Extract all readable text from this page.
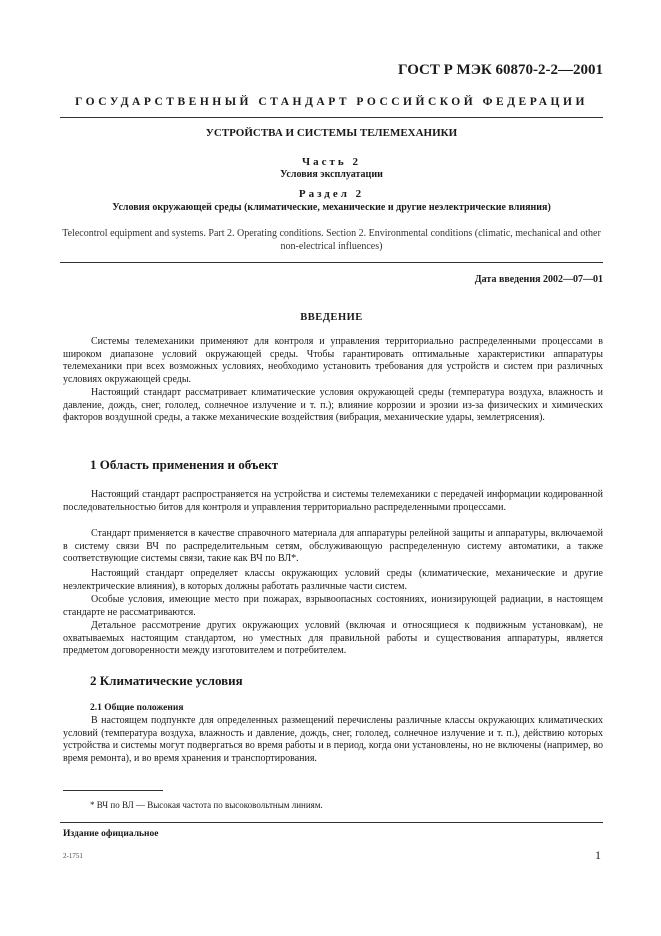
ГОСТ Р МЭК 60870-2-2—2001
ГОСУДАРСТВЕННЫЙ СТАНДАРТ РОССИЙСКОЙ ФЕДЕРАЦИИ
УСТРОЙСТВА И СИСТЕМЫ ТЕЛЕМЕХАНИКИ
Часть 2
Условия эксплуатации
Раздел 2
Условия окружающей среды (климатические, механические и другие неэлектрические влияния)
Telecontrol equipment and systems. Part 2. Operating conditions. Section 2. Environmental conditions (climatic, mechanical and other non-electrical influences)
Дата введения 2002—07—01
ВВЕДЕНИЕ

Системы телемеханики применяют для контроля и управления территориально распределенными процессами в широком диапазоне условий окружающей среды. Чтобы гарантировать оптимальные характеристики аппаратуры телемеханики при всех возможных условиях, необходимо установить требования для устройств и систем при различных условиях окружающей среды.

Настоящий стандарт рассматривает климатические условия окружающей среды (температура воздуха, влажность и давление, дождь, снег, гололед, солнечное излучение и т. п.); влияние коррозии и эрозии из-за физических и химических факторов воздушной среды, а также механические воздействия (вибрация, механические удары, землетрясения).

1 Область применения и объект

Настоящий стандарт распространяется на устройства и системы телемеханики с передачей информации кодированной последовательностью битов для контроля и управления территориально распределенными процессами.

Стандарт применяется в качестве справочного материала для аппаратуры релейной защиты и аппаратуры, включаемой в систему связи ВЧ по распределительным сетям, обслуживающую распределенную систему автоматики, а также соответствующие системы связи, такие как ВЧ по ВЛ*.

Настоящий стандарт определяет классы окружающих условий среды (климатические, механические и другие неэлектрические влияния), в которых должны работать различные части систем.

Особые условия, имеющие место при пожарах, взрывоопасных состояниях, ионизирующей радиации, в настоящем стандарте не рассматриваются.

Детальное рассмотрение других окружающих условий (включая и относящиеся к подвижным установкам), не охватываемых настоящим стандартом, но уместных для правильной работы и существования аппаратуры, является предметом договоренности между изготовителем и потребителем.

2 Климатические условия
2.1 Общие положения

В настоящем подпункте для определенных размещений перечислены различные классы окружающих климатических условий (температура воздуха, влажность и давление, дождь, снег, гололед, солнечное излучение и т. п.), действию которых устройства и системы могут подвергаться во время работы и в период, когда они установлены, но не включены (например, во время ремонта), и во время хранения и транспортирования.

* ВЧ по ВЛ — Высокая частота по высоковольтным линиям.
Издание официальное
2-1751	1
